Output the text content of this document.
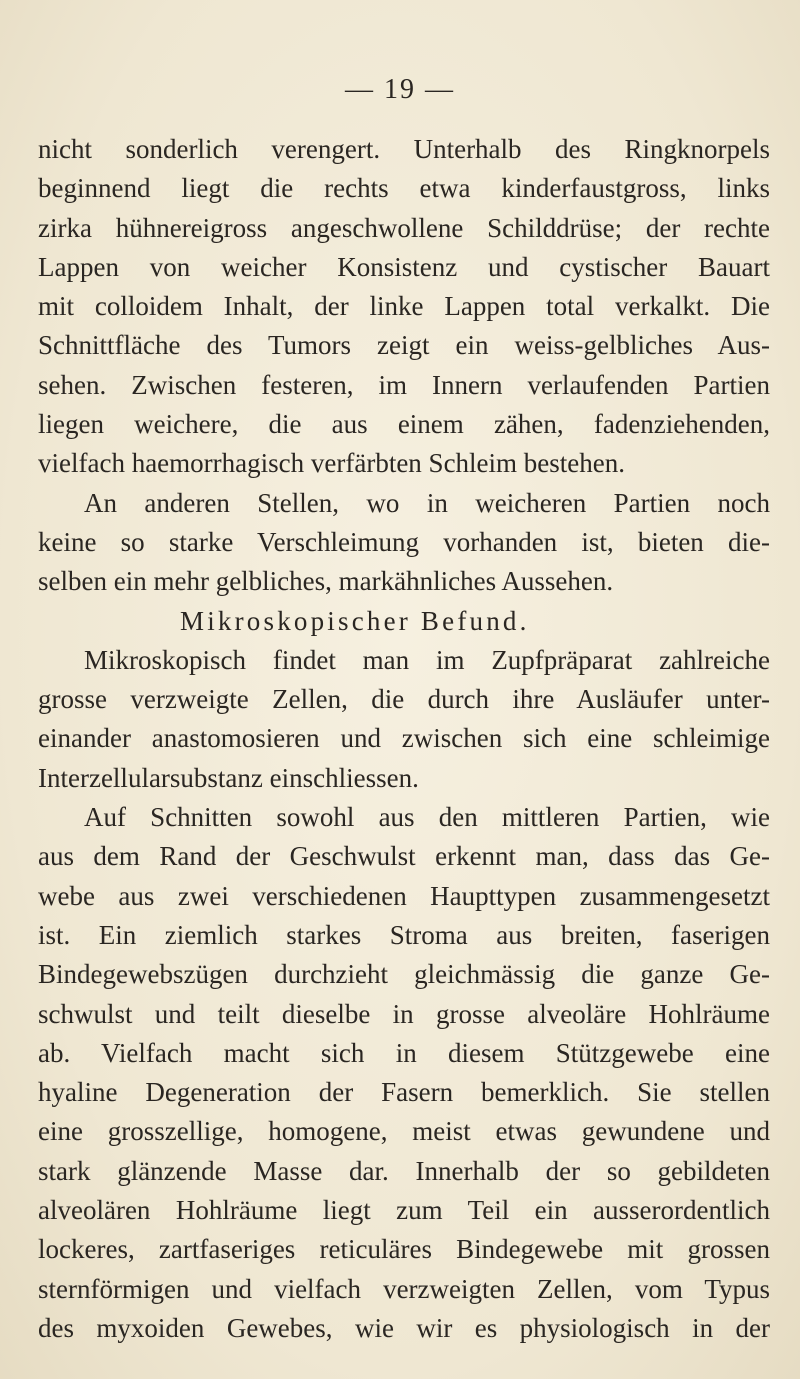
— 19 —
nicht sonderlich verengert. Unterhalb des Ringknorpels
beginnend liegt die rechts etwa kinderfaustgross, links
zirka hühnereigross angeschwollene Schilddrüse; der rechte
Lappen von weicher Konsistenz und cystischer Bauart
mit colloidem Inhalt, der linke Lappen total verkalkt. Die
Schnittfläche des Tumors zeigt ein weiss-gelbliches Aus-
sehen. Zwischen festeren, im Innern verlaufenden Partien
liegen weichere, die aus einem zähen, fadenziehenden,
vielfach haemorrhagisch verfärbten Schleim bestehen.
An anderen Stellen, wo in weicheren Partien noch
keine so starke Verschleimung vorhanden ist, bieten die-
selben ein mehr gelbliches, markähnliches Aussehen.
Mikroskopischer Befund.
Mikroskopisch findet man im Zupfpräparat zahlreiche
grosse verzweigte Zellen, die durch ihre Ausläufer unter-
einander anastomosieren und zwischen sich eine schleimige
Interzellularsubstanz einschliessen.
Auf Schnitten sowohl aus den mittleren Partien, wie
aus dem Rand der Geschwulst erkennt man, dass das Ge-
webe aus zwei verschiedenen Haupttypen zusammengesetzt
ist. Ein ziemlich starkes Stroma aus breiten, faserigen
Bindegewebszügen durchzieht gleichmässig die ganze Ge-
schwulst und teilt dieselbe in grosse alveoläre Hohlräume
ab. Vielfach macht sich in diesem Stützgewebe eine
hyaline Degeneration der Fasern bemerklich. Sie stellen
eine grosszellige, homogene, meist etwas gewundene und
stark glänzende Masse dar. Innerhalb der so gebildeten
alveolären Hohlräume liegt zum Teil ein ausserordentlich
lockeres, zartfaseriges reticuläres Bindegewebe mit grossen
sternförmigen und vielfach verzweigten Zellen, vom Typus
des myxoiden Gewebes, wie wir es physiologisch in der
